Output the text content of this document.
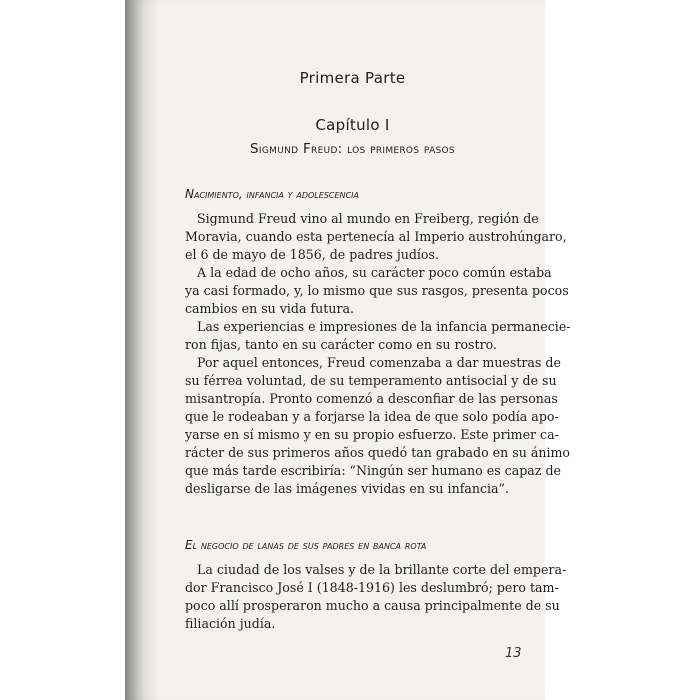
Primera Parte
Capítulo I
Sigmund Freud: los primeros pasos
Nacimiento, infancia y adolescencia

Sigmund Freud vino al mundo en Freiberg, región de
Moravia, cuando esta pertenecía al Imperio austrohúngaro,
el 6 de mayo de 1856, de padres judíos.
A la edad de ocho años, su carácter poco común estaba
ya casi formado, y, lo mismo que sus rasgos, presenta pocos
cambios en su vida futura.
Las experiencias e impresiones de la infancia permanecie-
ron fijas, tanto en su carácter como en su rostro.
Por aquel entonces, Freud comenzaba a dar muestras de
su férrea voluntad, de su temperamento antisocial y de su
misantropía. Pronto comenzó a desconfiar de las personas
que le rodeaban y a forjarse la idea de que solo podía apo-
yarse en sí mismo y en su propio esfuerzo. Este primer ca-
rácter de sus primeros años quedó tan grabado en su ánimo
que más tarde escribiría: “Ningún ser humano es capaz de
desligarse de las imágenes vividas en su infancia”.

El negocio de lanas de sus padres en banca rota

La ciudad de los valses y de la brillante corte del empera-
dor Francisco José I (1848-1916) les deslumbró; pero tam-
poco allí prosperaron mucho a causa principalmente de su
filiación judía.

13
